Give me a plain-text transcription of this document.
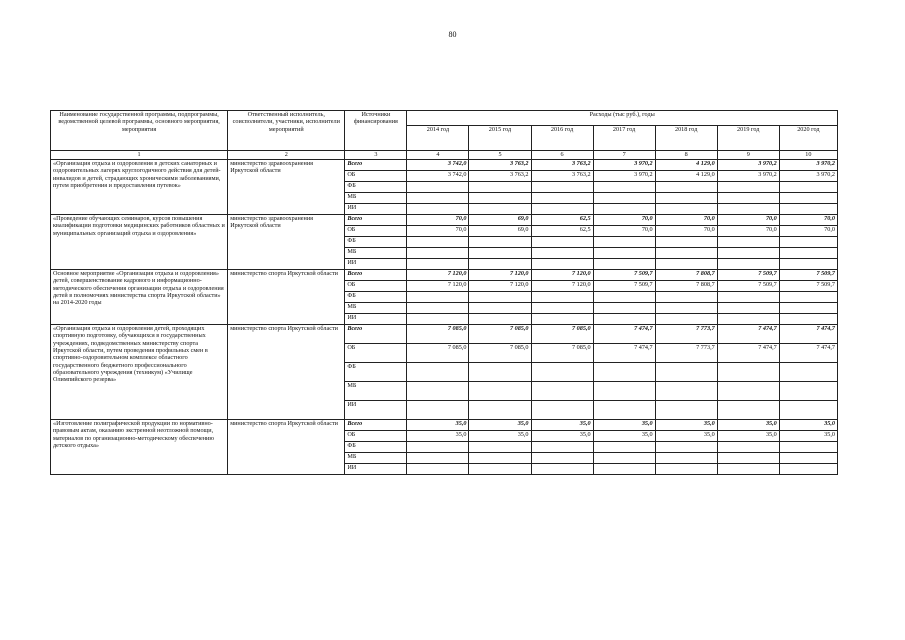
80
Наименование государственной программы, подпрограммы, ведомственной целевой программы, основного мероприятия, мероприятия	Ответственный исполнитель, соисполнители, участники, исполнители мероприятий	Источники финансирования	Расходы (тыс руб.), годы						
			2014 год	2015 год	2016 год	2017 год	2018 год	2019 год	2020 год
1	2	3	4	5	6	7	8	9	10
«Организация отдыха и оздоровления в детских санаторных и оздоровительных лагерях круглогодичного действия для детей-инвалидов и детей, страдающих хроническими заболеваниями, путем приобретения и предоставления путевок»	министерство здравоохранения Иркутской области	Всего	3 742,0	3 763,2	3 763,2	3 970,2	4 129,0	3 970,2	3 970,2
		ОБ	3 742,0	3 763,2	3 763,2	3 970,2	4 129,0	3 970,2	3 970,2
		ФБ							
		МБ							
		ИИ							
«Проведение обучающих семинаров, курсов повышения квалификации подготовки медицинских работников областных и муниципальных организаций отдыха и оздоровления»	министерство здравоохранения Иркутской области	Всего	70,0	69,0	62,5	70,0	70,0	70,0	70,0
		ОБ	70,0	69,0	62,5	70,0	70,0	70,0	70,0
		ФБ							
		МБ							
		ИИ							
Основное мероприятие «Организация отдыха и оздоровления» детей, совершенствование кадрового и информационно-методического обеспечения организации отдыха и оздоровления детей в полномочиях министерства спорта Иркутской области» на 2014-2020 годы	министерство спорта Иркутской области	Всего	7 120,0	7 120,0	7 120,0	7 509,7	7 808,7	7 509,7	7 509,7
		ОБ	7 120,0	7 120,0	7 120,0	7 509,7	7 808,7	7 509,7	7 509,7
		ФБ							
		МБ							
		ИИ							
«Организация отдыха и оздоровления детей, проходящих спортивную подготовку, обучающихся в государственных учреждениях, подведомственных министерству спорта Иркутской области, путем проведения профильных смен в спортивно-оздоровительном комплексе областного государственного бюджетного профессионального образовательного учреждения (техникум) «Училище Олимпийского резерва»	министерство спорта Иркутской области	Всего	7 085,0	7 085,0	7 085,0	7 474,7	7 773,7	7 474,7	7 474,7
		ОБ	7 085,0	7 085,0	7 085,0	7 474,7	7 773,7	7 474,7	7 474,7
		ФБ							
		МБ							
		ИИ							
«Изготовление полиграфической продукции по нормативно-правовым актам, оказанию экстренной неотложной помощи, материалов по организационно-методическому обеспечению детского отдыха»	министерство спорта Иркутской области	Всего	35,0	35,0	35,0	35,0	35,0	35,0	35,0
		ОБ	35,0	35,0	35,0	35,0	35,0	35,0	35,0
		ФБ							
		МБ							
		ИИ							
